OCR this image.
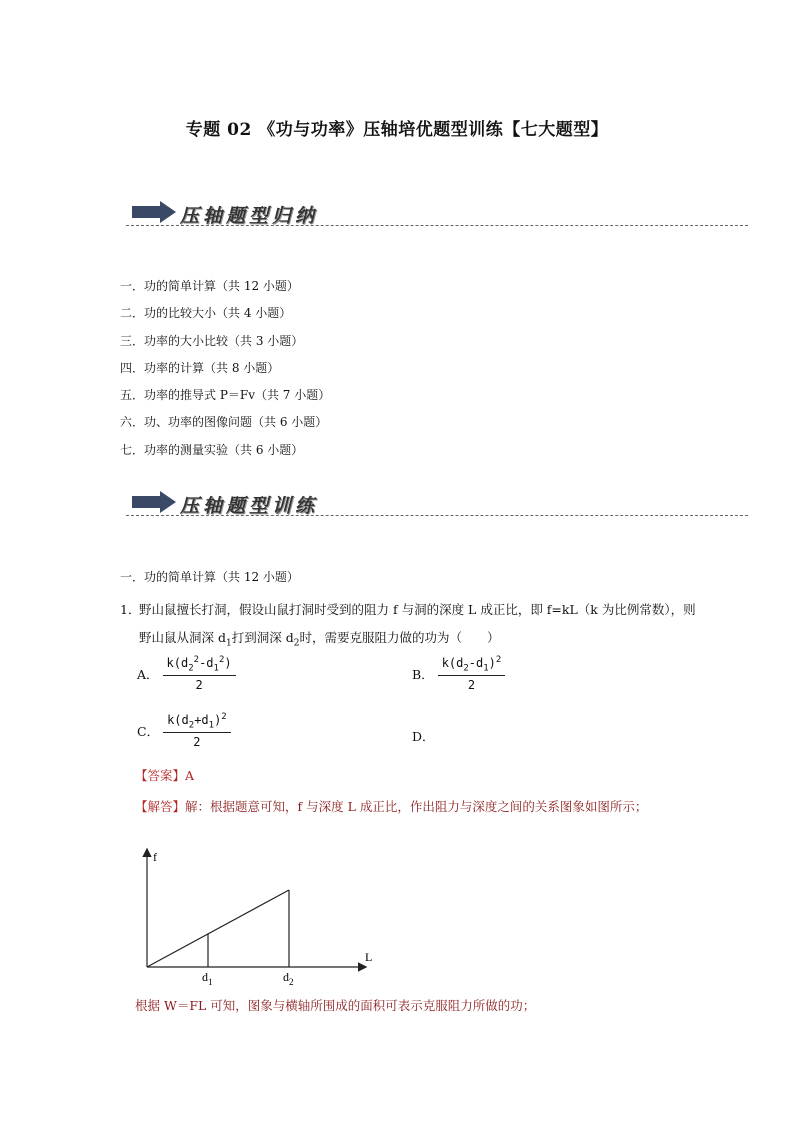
专题 02 《功与功率》压轴培优题型训练【七大题型】
压轴题型归纳
一．功的简单计算（共 12 小题）
二．功的比较大小（共 4 小题）
三．功率的大小比较（共 3 小题）
四．功率的计算（共 8 小题）
五．功率的推导式 P＝Fv（共 7 小题）
六．功、功率的图像问题（共 6 小题）
七．功率的测量实验（共 6 小题）
压轴题型训练
一．功的简单计算（共 12 小题）
1．
野山鼠擅长打洞，假设山鼠打洞时受到的阻力 f 与洞的深度 L 成正比，即 f=kL（k 为比例常数），则野山鼠从洞深 $d_1$打到洞深 $d_2$时，需要克服阻力做的功为（　　）
A． $\frac{k(d_2^2-d_1^2)}{2}$	B． $\frac{k(d_2-d_1)^2}{2}$
C． $\frac{k(d_2+d_1)^2}{2}$	D．
【答案】A
【解答】解：根据题意可知，f 与深度 L 成正比，作出阻力与深度之间的关系图象如图所示；
f
L
$d_1$	$d_2$
根据 W＝FL 可知，图象与横轴所围成的面积可表示克服阻力所做的功；
